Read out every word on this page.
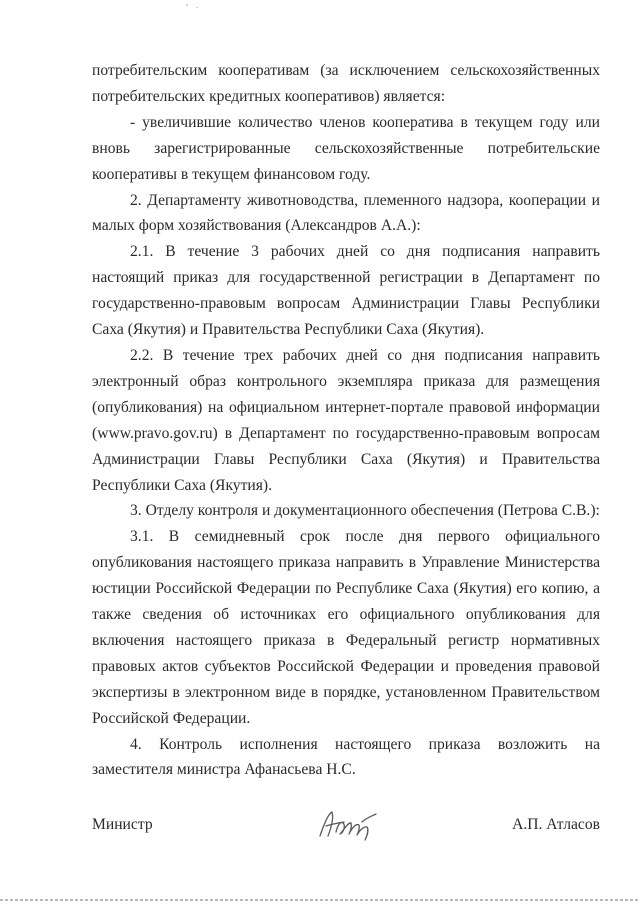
потребительским кооперативам (за исключением сельскохозяйственных потребительских кредитных кооперативов) является:

- увеличившие количество членов кооператива в текущем году или вновь зарегистрированные сельскохозяйственные потребительские кооперативы в текущем финансовом году.

2. Департаменту животноводства, племенного надзора, кооперации и малых форм хозяйствования (Александров А.А.):

2.1. В течение 3 рабочих дней со дня подписания направить настоящий приказ для государственной регистрации в Департамент по государственно-правовым вопросам Администрации Главы Республики Саха (Якутия) и Правительства Республики Саха (Якутия).

2.2. В течение трех рабочих дней со дня подписания направить электронный образ контрольного экземпляра приказа для размещения (опубликования) на официальном интернет-портале правовой информации (www.pravo.gov.ru) в Департамент по государственно-правовым вопросам Администрации Главы Республики Саха (Якутия) и Правительства Республики Саха (Якутия).

3. Отделу контроля и документационного обеспечения (Петрова С.В.):

3.1. В семидневный срок после дня первого официального опубликования настоящего приказа направить в Управление Министерства юстиции Российской Федерации по Республике Саха (Якутия) его копию, а также сведения об источниках его официального опубликования для включения настоящего приказа в Федеральный регистр нормативных правовых актов субъектов Российской Федерации и проведения правовой экспертизы в электронном виде в порядке, установленном Правительством Российской Федерации.

4. Контроль исполнения настоящего приказа возложить на заместителя министра Афанасьева Н.С.

Министр	А.П. Атласов
